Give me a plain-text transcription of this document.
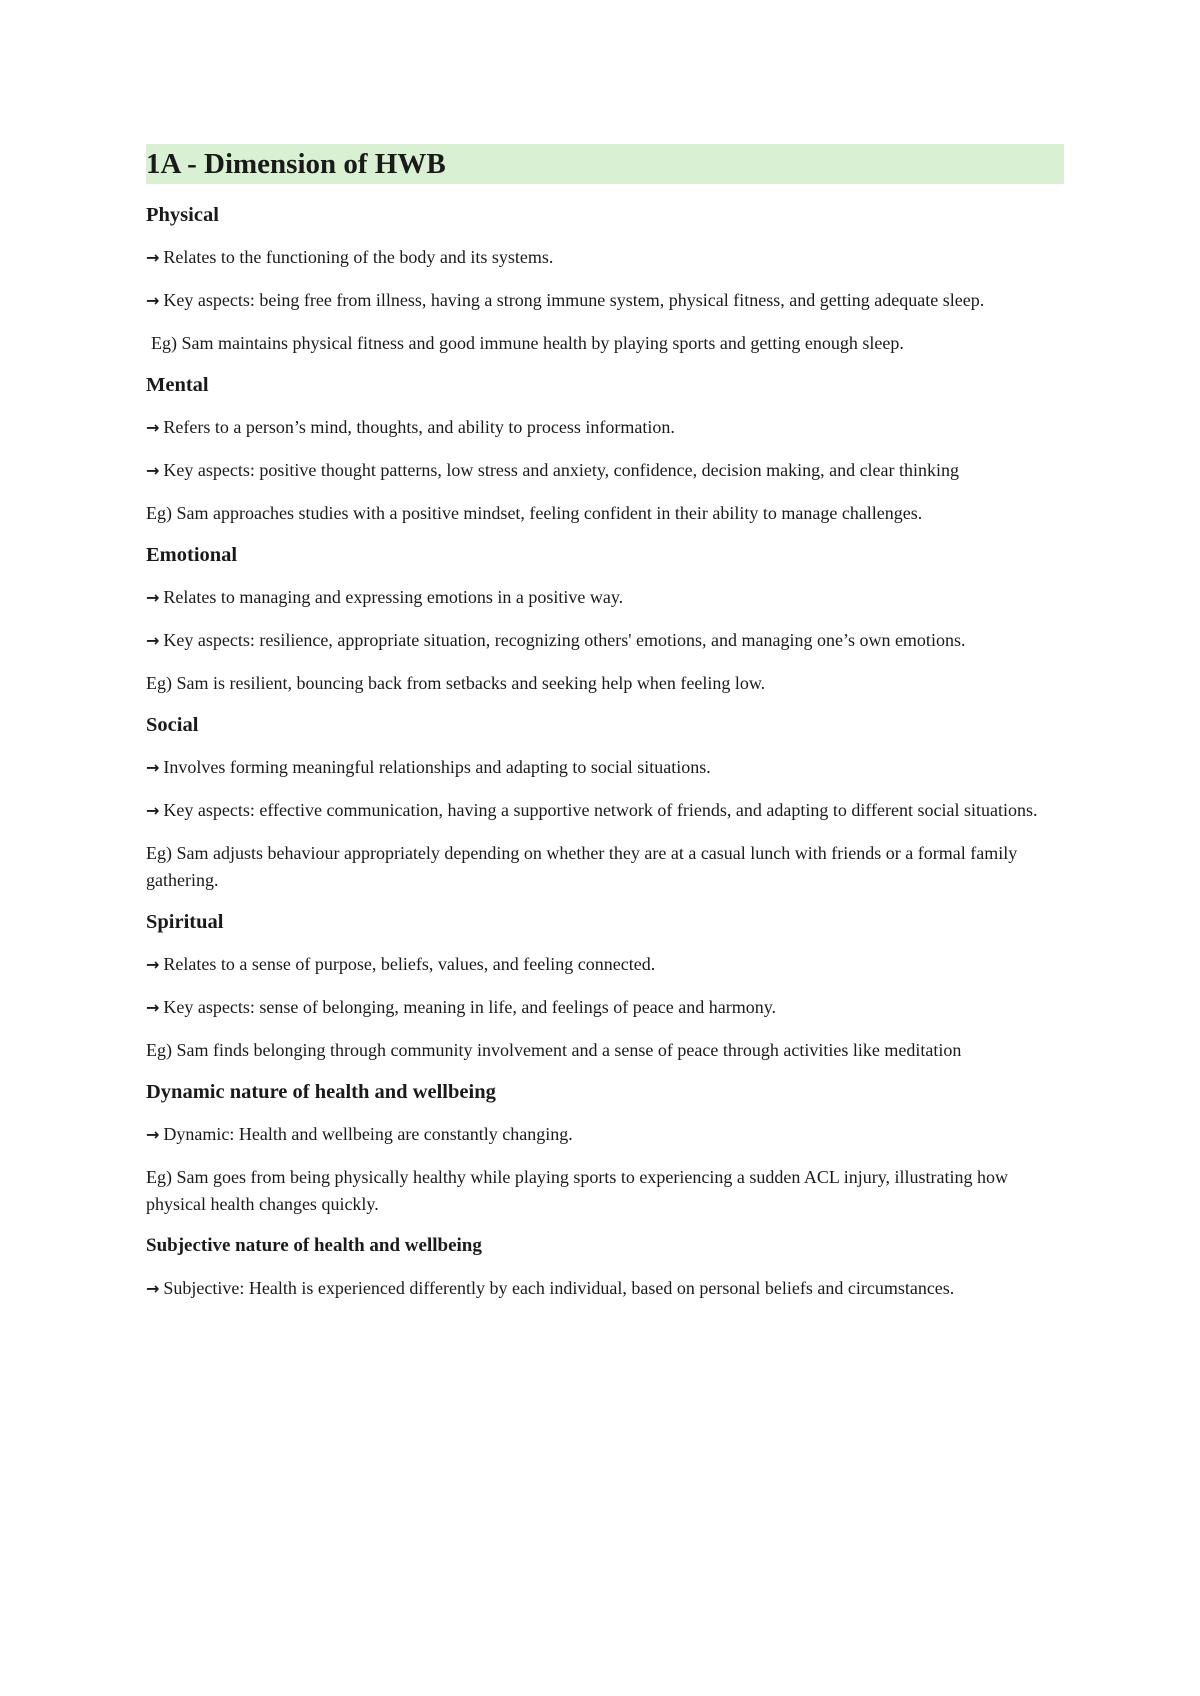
1A - Dimension of HWB
Physical
→ Relates to the functioning of the body and its systems.
→ Key aspects: being free from illness, having a strong immune system, physical fitness, and getting adequate sleep.
Eg) Sam maintains physical fitness and good immune health by playing sports and getting enough sleep.
Mental
→ Refers to a person’s mind, thoughts, and ability to process information.
→ Key aspects: positive thought patterns, low stress and anxiety, confidence, decision making, and clear thinking
Eg) Sam approaches studies with a positive mindset, feeling confident in their ability to manage challenges.
Emotional
→ Relates to managing and expressing emotions in a positive way.
→ Key aspects: resilience, appropriate situation, recognizing others' emotions, and managing one’s own emotions.
Eg) Sam is resilient, bouncing back from setbacks and seeking help when feeling low.
Social
→ Involves forming meaningful relationships and adapting to social situations.
→ Key aspects: effective communication, having a supportive network of friends, and adapting to different social situations.
Eg) Sam adjusts behaviour appropriately depending on whether they are at a casual lunch with friends or a formal family gathering.
Spiritual
→ Relates to a sense of purpose, beliefs, values, and feeling connected.
→ Key aspects: sense of belonging, meaning in life, and feelings of peace and harmony.
Eg) Sam finds belonging through community involvement and a sense of peace through activities like meditation
Dynamic nature of health and wellbeing
→ Dynamic: Health and wellbeing are constantly changing.
Eg) Sam goes from being physically healthy while playing sports to experiencing a sudden ACL injury, illustrating how physical health changes quickly.
Subjective nature of health and wellbeing
→ Subjective: Health is experienced differently by each individual, based on personal beliefs and circumstances.
